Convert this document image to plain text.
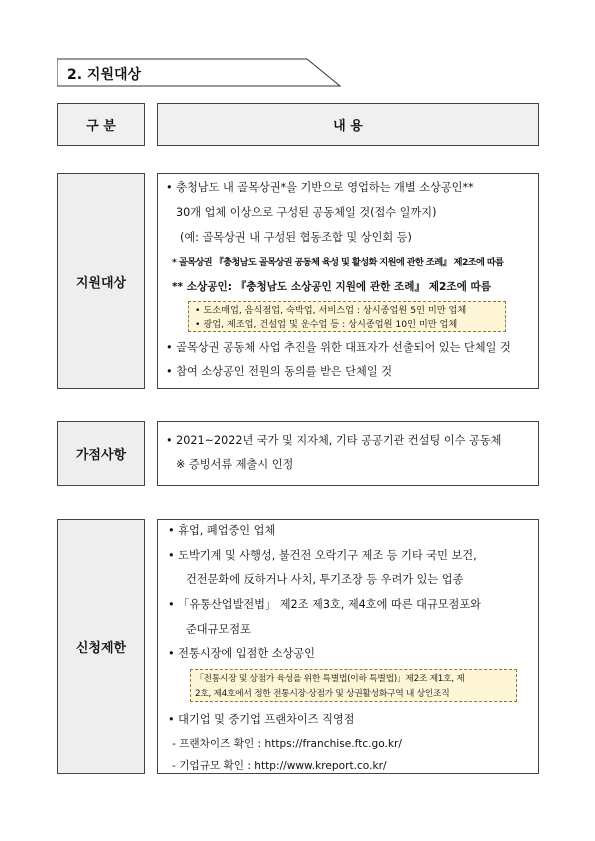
2. 지원대상
구 분	내 용
지원대상
• 충청남도 내 골목상권*을 기반으로 영업하는 개별 소상공인**
30개 업체 이상으로 구성된 공동체일 것(접수 일까지)
(예: 골목상권 내 구성된 협동조합 및 상인회 등)
* 골목상권 『충청남도 골목상권 공동체 육성 및 활성화 지원에 관한 조례』 제2조에 따름
** 소상공인: 『충청남도 소상공인 지원에 관한 조례』 제2조에 따름
• 도소매업, 음식점업, 숙박업, 서비스업 : 상시종업원 5인 미만 업체
• 광업, 제조업, 건설업 및 운수업 등 : 상시종업원 10인 미만 업체
• 골목상권 공동체 사업 추진을 위한 대표자가 선출되어 있는 단체일 것
• 참여 소상공인 전원의 동의를 받은 단체일 것
가점사항
• 2021~2022년 국가 및 지자체, 기타 공공기관 컨설팅 이수 공동체
※ 증빙서류 제출시 인정
신청제한
• 휴업, 폐업중인 업체
• 도박기계 및 사행성, 불건전 오락기구 제조 등 기타 국민 보건,
건전문화에 反하거나 사치, 투기조장 등 우려가 있는 업종
• 「유통산업발전법」 제2조 제3호, 제4호에 따른 대규모점포와
준대규모점포
• 전통시장에 입점한 소상공인
「전통시장 및 상점가 육성을 위한 특별법(이하 특별법)」제2조 제1호, 제
2호, 제4호에서 정한 전통시장·상점가 및 상권활성화구역 내 상인조직
• 대기업 및 중기업 프랜차이즈 직영점
- 프랜차이즈 확인 : https://franchise.ftc.go.kr/
- 기업규모 확인 : http://www.kreport.co.kr/
